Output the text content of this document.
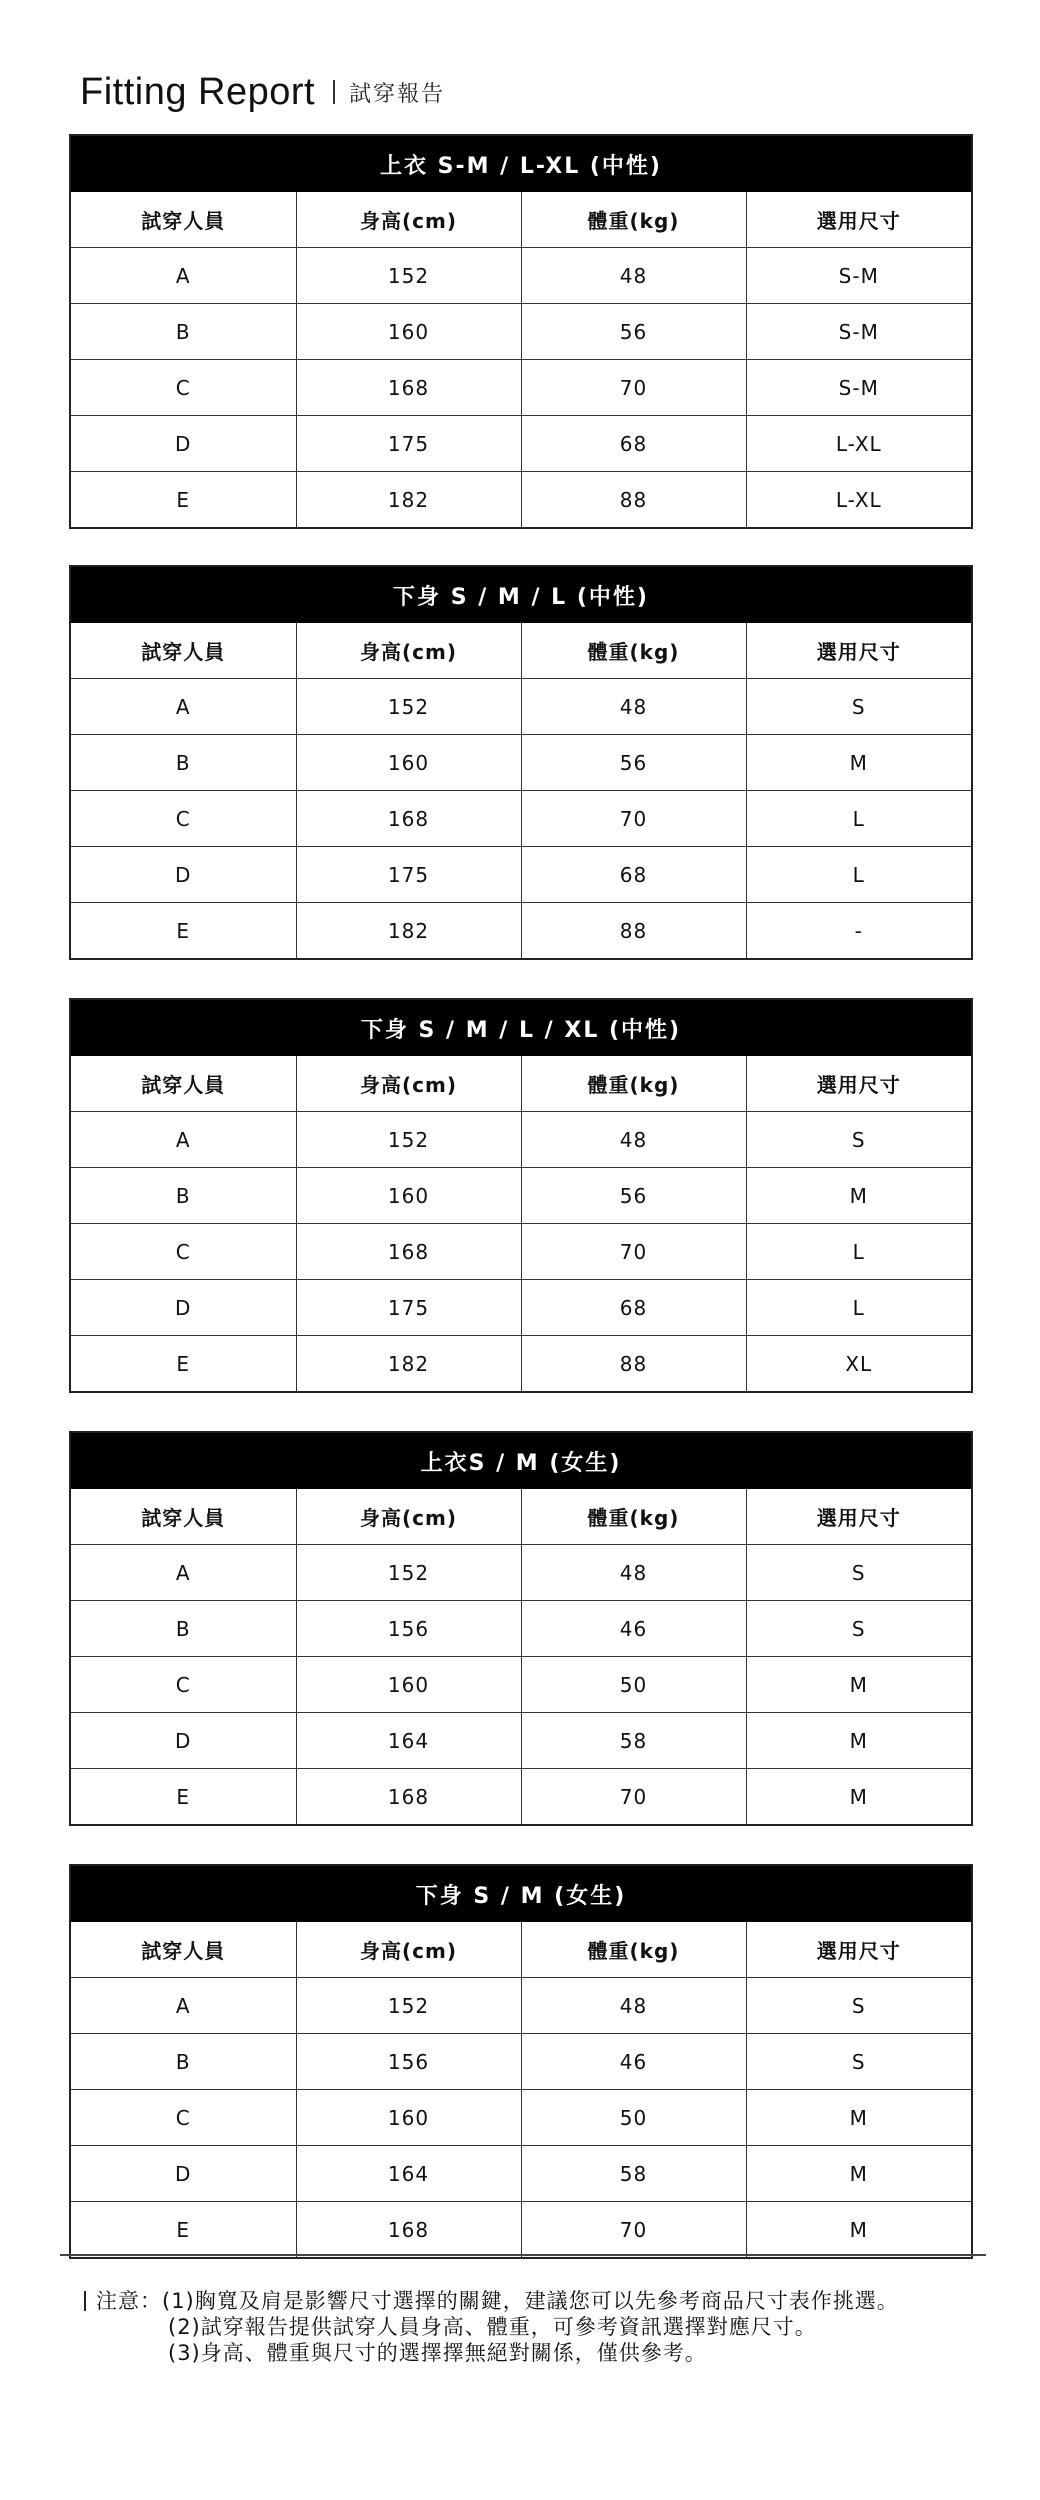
Fitting Report 試穿報告
上衣 S-M / L-XL (中性)
試穿人員	身高(cm)	體重(kg)	選用尺寸
A	152	48	S-M
B	160	56	S-M
C	168	70	S-M
D	175	68	L-XL
E	182	88	L-XL
下身 S / M / L (中性)
試穿人員	身高(cm)	體重(kg)	選用尺寸
A	152	48	S
B	160	56	M
C	168	70	L
D	175	68	L
E	182	88	-
下身 S / M / L / XL (中性)
試穿人員	身高(cm)	體重(kg)	選用尺寸
A	152	48	S
B	160	56	M
C	168	70	L
D	175	68	L
E	182	88	XL
上衣S / M (女生)
試穿人員	身高(cm)	體重(kg)	選用尺寸
A	152	48	S
B	156	46	S
C	160	50	M
D	164	58	M
E	168	70	M
下身 S / M (女生)
試穿人員	身高(cm)	體重(kg)	選用尺寸
A	152	48	S
B	156	46	S
C	160	50	M
D	164	58	M
E	168	70	M
注意：(1)胸寬及肩是影響尺寸選擇的關鍵，建議您可以先參考商品尺寸表作挑選。
(2)試穿報告提供試穿人員身高、體重，可參考資訊選擇對應尺寸。
(3)身高、體重與尺寸的選擇擇無絕對關係，僅供參考。
